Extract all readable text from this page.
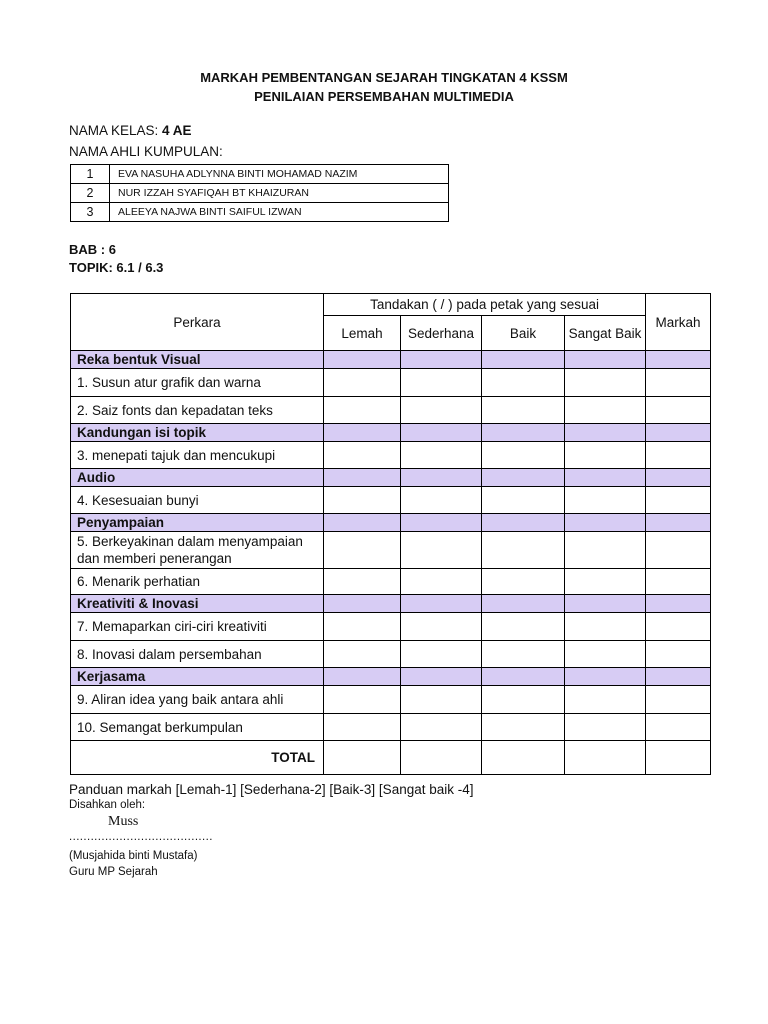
MARKAH PEMBENTANGAN SEJARAH TINGKATAN 4 KSSM
PENILAIAN PERSEMBAHAN MULTIMEDIA
NAMA KELAS: 4 AE
NAMA AHLI KUMPULAN:
1	EVA NASUHA ADLYNNA BINTI MOHAMAD NAZIM
2	NUR IZZAH SYAFIQAH BT KHAIZURAN
3	ALEEYA NAJWA BINTI SAIFUL IZWAN
BAB : 6
TOPIK: 6.1 / 6.3
Perkara	Tandakan ( / ) pada petak yang sesuai				Markah
	Lemah	Sederhana	Baik	Sangat Baik	
Reka bentuk Visual					
1. Susun atur grafik dan warna					
2. Saiz fonts dan kepadatan teks					
Kandungan isi topik					
3. menepati tajuk dan mencukupi					
Audio					
4. Kesesuaian bunyi					
Penyampaian					
5. Berkeyakinan dalam menyampaian dan memberi penerangan					
6. Menarik perhatian					
Kreativiti & Inovasi					
7. Memaparkan ciri-ciri kreativiti					
8. Inovasi dalam persembahan					
Kerjasama					
9. Aliran idea yang baik antara ahli					
10. Semangat berkumpulan					
TOTAL					
Panduan markah [Lemah-1] [Sederhana-2] [Baik-3] [Sangat baik -4]
Disahkan oleh:
Muss
........................................
(Musjahida binti Mustafa)
Guru MP Sejarah
